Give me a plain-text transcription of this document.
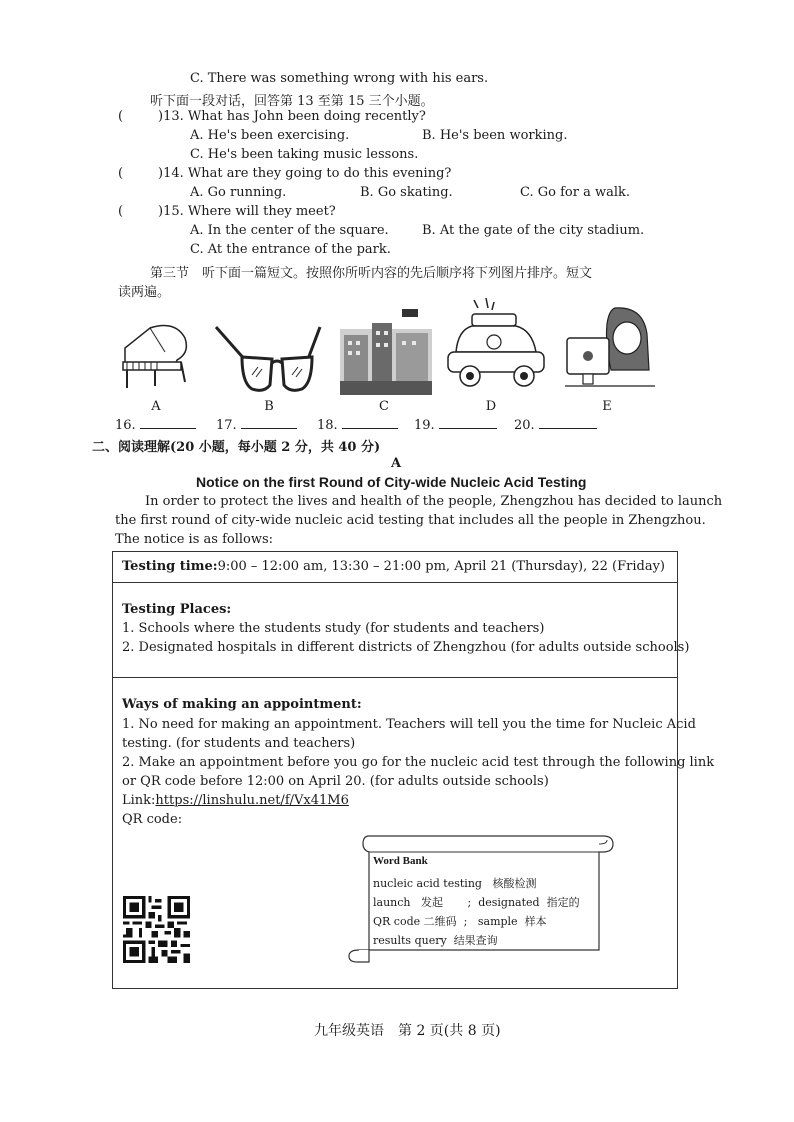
C. There was something wrong with his ears.
听下面一段对话，回答第 13 至第 15 三个小题。
(	)13. What has John been doing recently?
A. He's been exercising.	B. He's been working.
C. He's been taking music lessons.
(	)14. What are they going to do this evening?
A. Go running.	B. Go skating.	C. Go for a walk.
(	)15. Where will they meet?
A. In the center of the square.	B. At the gate of the city stadium.
C. At the entrance of the park.
第三节　听下面一篇短文。按照你所听内容的先后顺序将下列图片排序。短文
读两遍。
A	B	C	D	E
16.	17.	18.	19.	20.
二、阅读理解(20 小题，每小题 2 分，共 40 分)
A
Notice on the first Round of City-wide Nucleic Acid Testing
In order to protect the lives and health of the people, Zhengzhou has decided to launch
the first round of city-wide nucleic acid testing that includes all the people in Zhengzhou.
The notice is as follows:
Testing time:9:00 – 12:00 am, 13:30 – 21:00 pm, April 21 (Thursday), 22 (Friday)
Testing Places:
1. Schools where the students study (for students and teachers)
2. Designated hospitals in different districts of Zhengzhou (for adults outside schools)
Ways of making an appointment:
1. No need for making an appointment. Teachers will tell you the time for Nucleic Acid
testing. (for students and teachers)
2. Make an appointment before you go for the nucleic acid test through the following link
or QR code before 12:00 on April 20. (for adults outside schools)
Link:https://linshulu.net/f/Vx41M6
QR code:
Word Bank
nucleic acid testing 核酸检测
launch 发起 ; designated 指定的
QR code 二维码 ; sample 样本
results query 结果查询
九年级英语　第 2 页(共 8 页)
